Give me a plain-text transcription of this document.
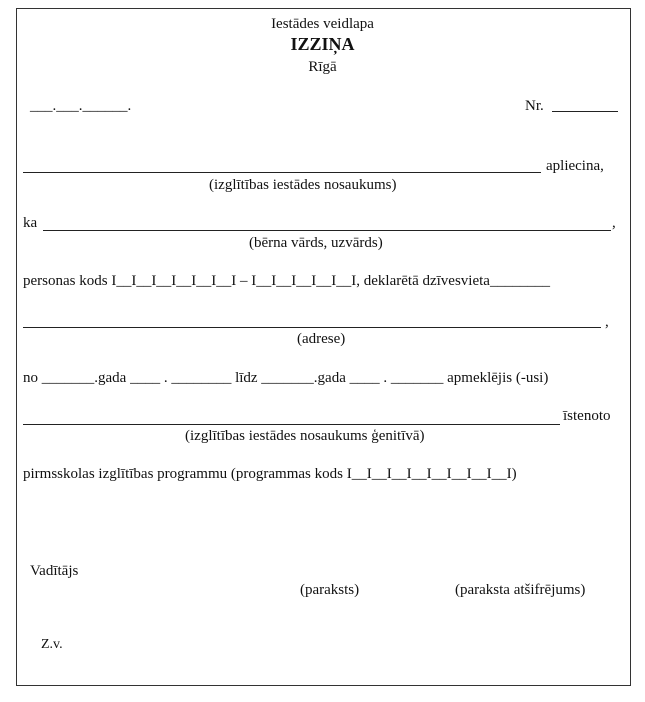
Iestādes veidlapa
IZZIŅA
Rīgā
___.___.______.	Nr.
apliecina,
(izglītības iestādes nosaukums)
ka	,
(bērna vārds, uzvārds)
personas kods I__I__I__I__I__I__I – I__I__I__I__I__I, deklarētā dzīvesvieta________
,
(adrese)
no _______.gada ____ . ________ līdz _______.gada ____ . _______ apmeklējis (-usi)
īstenoto
(izglītības iestādes nosaukums ģenitīvā)
pirmsskolas izglītības programmu (programmas kods I__I__I__I__I__I__I__I__I)
Vadītājs
(paraksts)	(paraksta atšifrējums)
Z.v.
